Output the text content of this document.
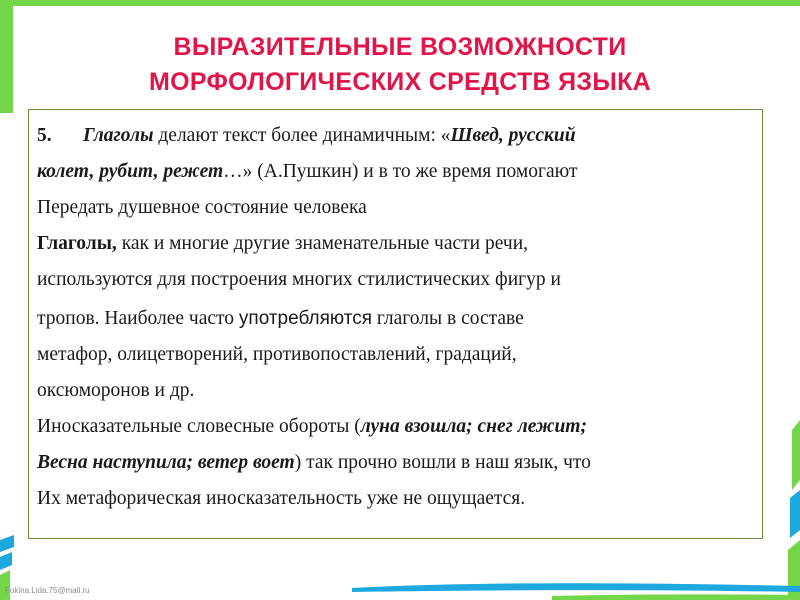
ВЫРАЗИТЕЛЬНЫЕ ВОЗМОЖНОСТИ
МОРФОЛОГИЧЕСКИХ СРЕДСТВ ЯЗЫКА
5. Глаголы делают текст более динамичным: «Швед, русский
колет, рубит, режет…» (А.Пушкин) и в то же время помогают
Передать душевное состояние человека
Глаголы, как и многие другие знаменательные части речи,
используются для построения многих стилистических фигур и
тропов. Наиболее часто употребляются глаголы в составе
метафор, олицетворений, противопоставлений, градаций,
оксюморонов и др.
Иносказательные словесные обороты (луна взошла; снег лежит;
Весна наступила; ветер воет) так прочно вошли в наш язык, что
Их метафорическая иносказательность уже не ощущается.
Fokina.Lida.75@mail.ru
